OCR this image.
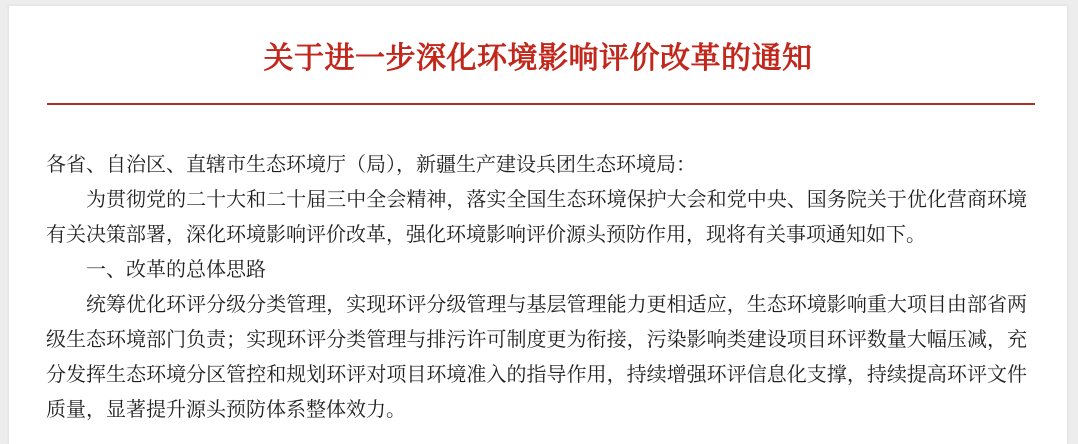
关于进一步深化环境影响评价改革的通知

各省、自治区、直辖市生态环境厅（局），新疆生产建设兵团生态环境局：

为贯彻党的二十大和二十届三中全会精神，落实全国生态环境保护大会和党中央、国务院关于优化营商环境有关决策部署，深化环境影响评价改革，强化环境影响评价源头预防作用，现将有关事项通知如下。

一、改革的总体思路

统筹优化环评分级分类管理，实现环评分级管理与基层管理能力更相适应，生态环境影响重大项目由部省两级生态环境部门负责；实现环评分类管理与排污许可制度更为衔接，污染影响类建设项目环评数量大幅压减，充分发挥生态环境分区管控和规划环评对项目环境准入的指导作用，持续增强环评信息化支撑，持续提高环评文件质量，显著提升源头预防体系整体效力。
